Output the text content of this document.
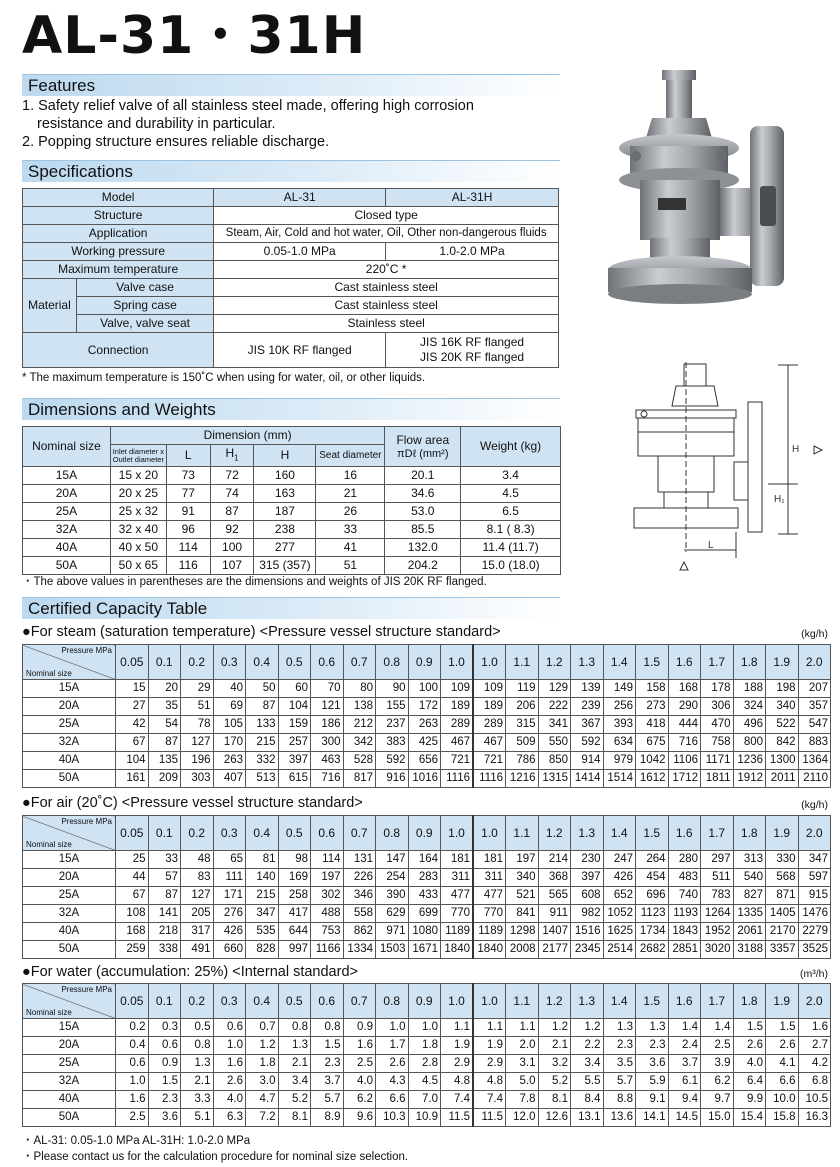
AL-31・31H
Features
1. Safety relief valve of all stainless steel made, offering high corrosion
resistance and durability in particular.
2. Popping structure ensures reliable discharge.
Specifications
Model		AL-31	AL-31H
Structure		Closed type	
Application		Steam, Air, Cold and hot water, Oil, Other non-dangerous fluids	
Working pressure		0.05-1.0 MPa	1.0-2.0 MPa
Maximum temperature		220˚C *	
Material	Valve case	Cast stainless steel	
	Spring case	Cast stainless steel	
	Valve, valve seat	Stainless steel	
Connection		JIS 10K RF flanged	JIS 16K RF flanged
JIS 20K RF flanged
* The maximum temperature is 150˚C when using for water, oil, or other liquids.
Dimensions and Weights
Nominal size	Dimension (mm)					Flow area
πDℓ (mm²)	Weight (kg)

	Inlet diameter x
Outlet diameter	L	$H_1$	H	Seat diameter		
15A	15 x 20	73	72	160	16	20.1	3.4
20A	20 x 25	77	74	163	21	34.6	4.5
25A	25 x 32	91	87	187	26	53.0	6.5
32A	32 x 40	96	92	238	33	85.5	8.1 ( 8.3)
40A	40 x 50	114	100	277	41	132.0	11.4 (11.7)
50A	50 x 65	116	107	315 (357)	51	204.2	15.0 (18.0)
・The above values in parentheses are the dimensions and weights of JIS 20K RF flanged.
Certified Capacity Table
●For steam (saturation temperature) <Pressure vessel structure standard>	(kg/h)
Pressure MPa
Nominal size	0.05	0.1	0.2	0.3	0.4	0.5	0.6	0.7	0.8	0.9	1.0	1.0	1.1	1.2	1.3	1.4	1.5	1.6	1.7	1.8	1.9	2.0
15A	15	20	29	40	50	60	70	80	90	100	109	109	119	129	139	149	158	168	178	188	198	207
20A	27	35	51	69	87	104	121	138	155	172	189	189	206	222	239	256	273	290	306	324	340	357
25A	42	54	78	105	133	159	186	212	237	263	289	289	315	341	367	393	418	444	470	496	522	547
32A	67	87	127	170	215	257	300	342	383	425	467	467	509	550	592	634	675	716	758	800	842	883
40A	104	135	196	263	332	397	463	528	592	656	721	721	786	850	914	979	1042	1106	1171	1236	1300	1364
50A	161	209	303	407	513	615	716	817	916	1016	1116	1116	1216	1315	1414	1514	1612	1712	1811	1912	2011	2110
●For air (20˚C) <Pressure vessel structure standard>	(kg/h)
Pressure MPa
Nominal size	0.05	0.1	0.2	0.3	0.4	0.5	0.6	0.7	0.8	0.9	1.0	1.0	1.1	1.2	1.3	1.4	1.5	1.6	1.7	1.8	1.9	2.0
15A	25	33	48	65	81	98	114	131	147	164	181	181	197	214	230	247	264	280	297	313	330	347
20A	44	57	83	111	140	169	197	226	254	283	311	311	340	368	397	426	454	483	511	540	568	597
25A	67	87	127	171	215	258	302	346	390	433	477	477	521	565	608	652	696	740	783	827	871	915
32A	108	141	205	276	347	417	488	558	629	699	770	770	841	911	982	1052	1123	1193	1264	1335	1405	1476
40A	168	218	317	426	535	644	753	862	971	1080	1189	1189	1298	1407	1516	1625	1734	1843	1952	2061	2170	2279
50A	259	338	491	660	828	997	1166	1334	1503	1671	1840	1840	2008	2177	2345	2514	2682	2851	3020	3188	3357	3525
●For water (accumulation: 25%) <Internal standard>	(m³/h)
Pressure MPa
Nominal size	0.05	0.1	0.2	0.3	0.4	0.5	0.6	0.7	0.8	0.9	1.0	1.0	1.1	1.2	1.3	1.4	1.5	1.6	1.7	1.8	1.9	2.0
15A	0.2	0.3	0.5	0.6	0.7	0.8	0.8	0.9	1.0	1.0	1.1	1.1	1.1	1.2	1.2	1.3	1.3	1.4	1.4	1.5	1.5	1.6
20A	0.4	0.6	0.8	1.0	1.2	1.3	1.5	1.6	1.7	1.8	1.9	1.9	2.0	2.1	2.2	2.3	2.3	2.4	2.5	2.6	2.6	2.7
25A	0.6	0.9	1.3	1.6	1.8	2.1	2.3	2.5	2.6	2.8	2.9	2.9	3.1	3.2	3.4	3.5	3.6	3.7	3.9	4.0	4.1	4.2
32A	1.0	1.5	2.1	2.6	3.0	3.4	3.7	4.0	4.3	4.5	4.8	4.8	5.0	5.2	5.5	5.7	5.9	6.1	6.2	6.4	6.6	6.8
40A	1.6	2.3	3.3	4.0	4.7	5.2	5.7	6.2	6.6	7.0	7.4	7.4	7.8	8.1	8.4	8.8	9.1	9.4	9.7	9.9	10.0	10.5
50A	2.5	3.6	5.1	6.3	7.2	8.1	8.9	9.6	10.3	10.9	11.5	11.5	12.0	12.6	13.1	13.6	14.1	14.5	15.0	15.4	15.8	16.3
・AL-31: 0.05-1.0 MPa AL-31H: 1.0-2.0 MPa
・Please contact us for the calculation procedure for nominal size selection.
H
H₁
L
